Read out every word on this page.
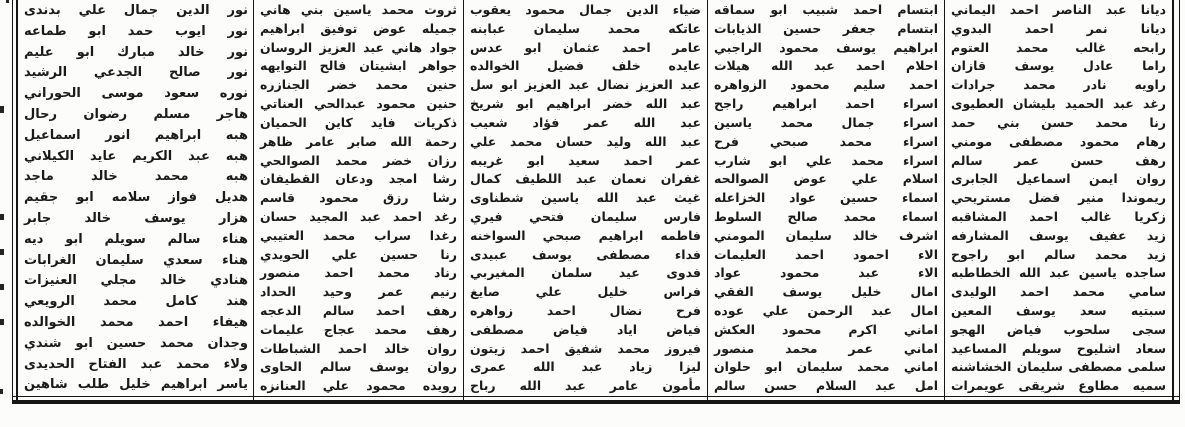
نور الدين جمال علي بدندى
نور ايوب حمد ابو طماعه
نور خالد مبارك ابو عليم
نور صالح الجدعي الرشيد
نوره سعود موسى الحوراني
هاجر مسلم رضوان رحال
هبه ابراهيم انور اسماعيل
هبه عبد الكريم عايد الكيلاني
هبه محمد خالد ماجد
هديل فواز سلامه ابو جقيم
هزار يوسف خالد جابر
هناء سالم سويلم ابو ديه
هناء سعدي سليمان الغرابات
هنادي خالد مجلي العنيزات
هند كامل محمد الرويعي
هيفاء احمد محمد الخوالده
وجدان محمد حسين ابو شندي
ولاء محمد عبد الفتاح الحديدى
ياسر ابراهيم خليل طلب شاهين
ثروت محمد ياسين بني هاني
جميله عوض توفيق ابراهيم
جواد هاني عبد العزيز الروسان
جواهر ابشيتان فالح التوايهه
حنين محمد خضر الجنازره
حنين محمود عبدالحي العناتي
ذكريات فايد كاين الحميان
رحمة الله صابر عامر ظاهر
رزان خضر محمد الصوالحي
رشا امجد ودعان القطيفان
رشا رزق محمود قاسم
رغد احمد عبد المجيد حسان
رغدا سراب محمد العتيبي
رنا حسين علي الحويدي
رناد محمد احمد منصور
رنيم عمر وحيد الحداد
رهف احمد سالم الدعجه
رهف محمد عجاج عليمات
روان خالد احمد الشباطات
روان يوسف سالم الحاوى
رويده محمود علي العنانزه
ضياء الدين جمال محمود يعقوب
عاتكه محمد سليمان عبابنه
عامر احمد عثمان ابو عدس
عايده خلف فضيل الخوالده
عبد العزيز نضال عبد العزيز ابو سل
عبد الله خضر ابراهيم ابو شريخ
عبد الله عمر فؤاد شعيب
عبد الله وليد حسان محمد علي
عمر احمد سعيد ابو غريبه
غفران نعمان عبد اللطيف كمال
غيث عبد الله ياسين شطناوى
فارس سليمان فتحي فيري
فاطمه ابراهيم صبحي السواخنه
فداء مصطفى يوسف عبيدى
فدوى عيد سلمان المغيربي
فراس خليل علي صايغ
فرح نضال احمد زواهره
فياض اياد فياض مصطفى
فيروز محمد شفيق احمد زيتون
ليزا زياد عبد الله عمرى
مأمون عامر عبد الله رباح
ابتسام احمد شبيب ابو سماقه
ابتسام جعفر حسين الذيابات
ابراهيم يوسف محمود الراجبي
احلام احمد عبد الله هيلات
احمد سليم محمود الزواهره
اسراء احمد ابراهيم راجح
اسراء جمال محمد ياسين
اسراء محمد صبحي فرح
اسراء محمد علي ابو شارب
اسلام علي عوض الصوالحه
اسماء حسين عواد الخزاعله
اسماء محمد صالح السلوط
اشرف خالد سليمان المومني
الاء احمود احمد العليمات
الاء عبد محمود عواد
امال خليل يوسف الفقي
امال عبد الرحمن علي عوده
اماني اكرم محمود العكش
اماني عمر محمد منصور
اماني محمد سليمان ابو حلوان
امل عبد السلام حسن سالم
ديانا عبد الناصر احمد اليماني
ديانا نمر احمد البدوي
رابحه غالب محمد العتوم
راما عادل يوسف قازان
راويه نادر محمد جرادات
رغد عبد الحميد بليشان العطيوى
رنا محمد حسن بني حمد
رهام محمود مصطفى مومني
رهف حسن عمر سالم
روان ايمن اسماعيل الجابرى
ريموندا منير فضل مستريحي
زكريا غالب احمد المشاقبه
زيد عفيف يوسف المشارفه
زيد محمد سالم ابو راجوح
ساجده ياسين عبد الله الخطاطبه
سامي محمد احمد الوليدى
سبتيه سعد يوسف المعين
سجى سلحوب فياض الهجو
سعاد اشليوح سويلم المساعيد
سلمى مصطفى سليمان الخشاشنه
سميه مطاوع شريقى عويمرات
